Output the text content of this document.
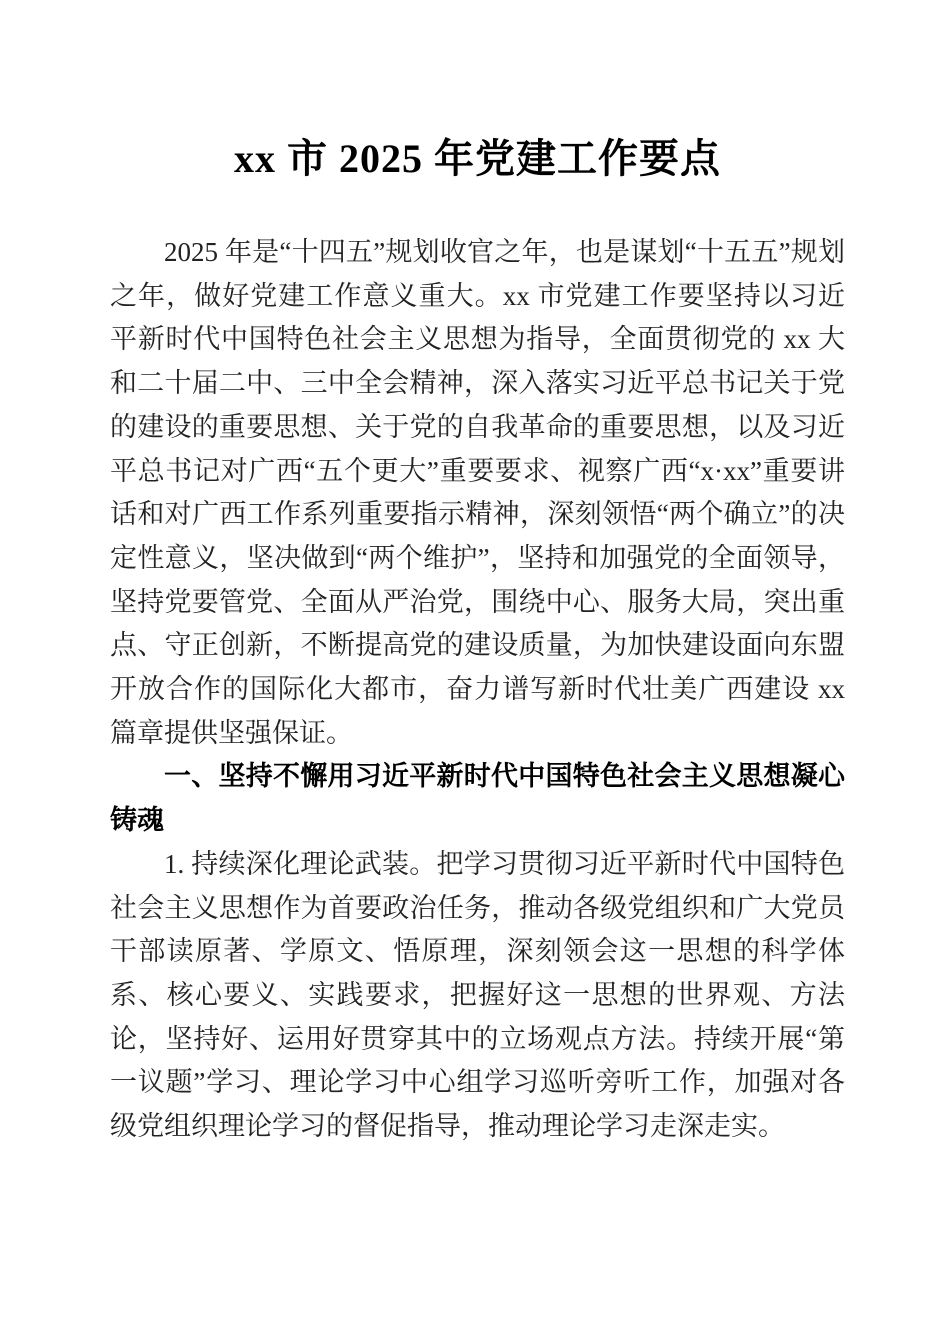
xx 市 2025 年党建工作要点

2025 年是“十四五”规划收官之年，也是谋划“十五五”规划之年，做好党建工作意义重大。xx 市党建工作要坚持以习近平新时代中国特色社会主义思想为指导，全面贯彻党的 xx 大和二十届二中、三中全会精神，深入落实习近平总书记关于党的建设的重要思想、关于党的自我革命的重要思想，以及习近平总书记对广西“五个更大”重要要求、视察广西“x·xx”重要讲话和对广西工作系列重要指示精神，深刻领悟“两个确立”的决定性意义，坚决做到“两个维护”，坚持和加强党的全面领导，坚持党要管党、全面从严治党，围绕中心、服务大局，突出重点、守正创新，不断提高党的建设质量，为加快建设面向东盟开放合作的国际化大都市，奋力谱写新时代壮美广西建设 xx 篇章提供坚强保证。

一、坚持不懈用习近平新时代中国特色社会主义思想凝心铸魂

1. 持续深化理论武装。把学习贯彻习近平新时代中国特色社会主义思想作为首要政治任务，推动各级党组织和广大党员干部读原著、学原文、悟原理，深刻领会这一思想的科学体系、核心要义、实践要求，把握好这一思想的世界观、方法论，坚持好、运用好贯穿其中的立场观点方法。持续开展“第一议题”学习、理论学习中心组学习巡听旁听工作，加强对各级党组织理论学习的督促指导，推动理论学习走深走实。
